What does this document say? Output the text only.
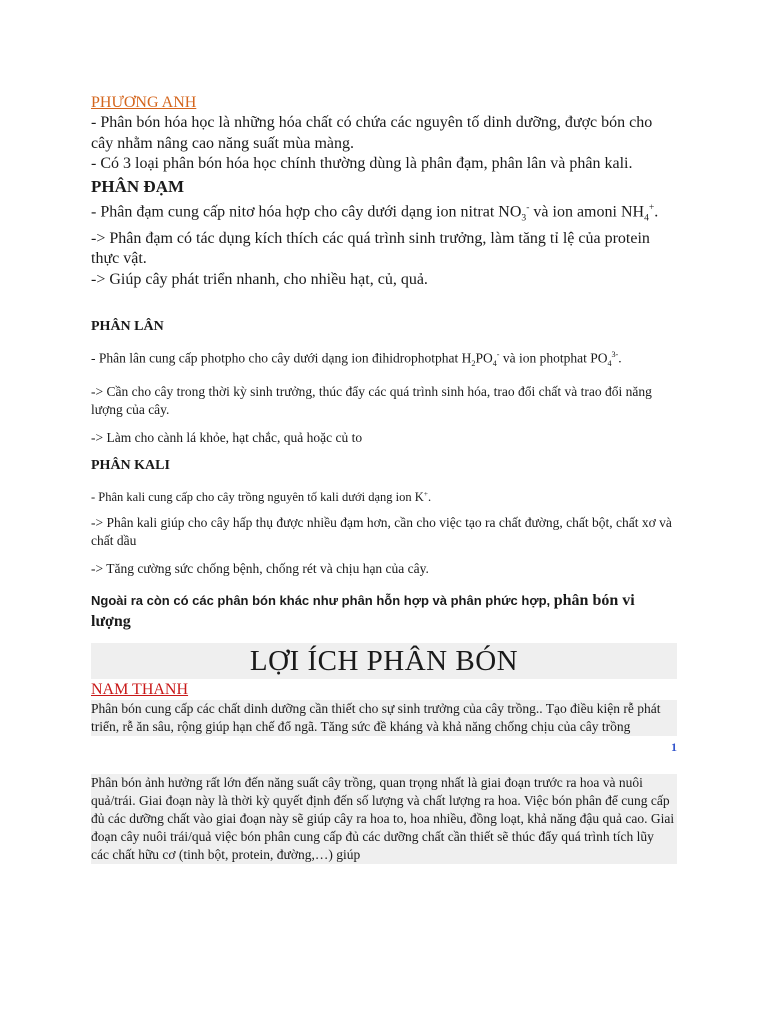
PHƯƠNG ANH

- Phân bón hóa học là những hóa chất có chứa các nguyên tố dinh dưỡng, được bón cho cây nhằm nâng cao năng suất mùa màng.

- Có 3 loại phân bón hóa học chính thường dùng là phân đạm, phân lân và phân kali.

PHÂN ĐẠM

- Phân đạm cung cấp nitơ hóa hợp cho cây dưới dạng ion nitrat $NO_3^-$ và ion amoni $NH_4^+$.

-> Phân đạm có tác dụng kích thích các quá trình sinh trưởng, làm tăng tỉ lệ của protein thực vật.

-> Giúp cây phát triển nhanh, cho nhiều hạt, củ, quả.

PHÂN LÂN

- Phân lân cung cấp photpho cho cây dưới dạng ion đihidrophotphat $H_2PO_4^-$ và ion photphat $PO_4^{3-}$.

-> Cần cho cây trong thời kỳ sinh trưởng, thúc đẩy các quá trình sinh hóa, trao đổi chất và trao đổi năng lượng của cây.

-> Làm cho cành lá khỏe, hạt chắc, quả hoặc củ to

PHÂN KALI

- Phân kali cung cấp cho cây trồng nguyên tố kali dưới dạng ion K+.

-> Phân kali giúp cho cây hấp thụ được nhiều đạm hơn, cần cho việc tạo ra chất đường, chất bột, chất xơ và chất dầu

-> Tăng cường sức chống bệnh, chống rét và chịu hạn của cây.

Ngoài ra còn có các phân bón khác như phân hỗn hợp và phân phức hợp, phân bón vi lượng

LỢI ÍCH PHÂN BÓN
NAM THANH

Phân bón cung cấp các chất dinh dưỡng cần thiết cho sự sinh trưởng của cây trồng.. Tạo điều kiện rễ phát triển, rễ ăn sâu, rộng giúp hạn chế đổ ngã. Tăng sức đề kháng và khả năng chống chịu của cây trồng

1

Phân bón ảnh hưởng rất lớn đến năng suất cây trồng, quan trọng nhất là giai đoạn trước ra hoa và nuôi quả/trái. Giai đoạn này là thời kỳ quyết định đến số lượng và chất lượng ra hoa. Việc bón phân để cung cấp đủ các dưỡng chất vào giai đoạn này sẽ giúp cây ra hoa to, hoa nhiều, đồng loạt, khả năng đậu quả cao. Giai đoạn cây nuôi trái/quả việc bón phân cung cấp đủ các dưỡng chất cần thiết sẽ thúc đẩy quá trình tích lũy các chất hữu cơ (tinh bột, protein, đường,…) giúp
